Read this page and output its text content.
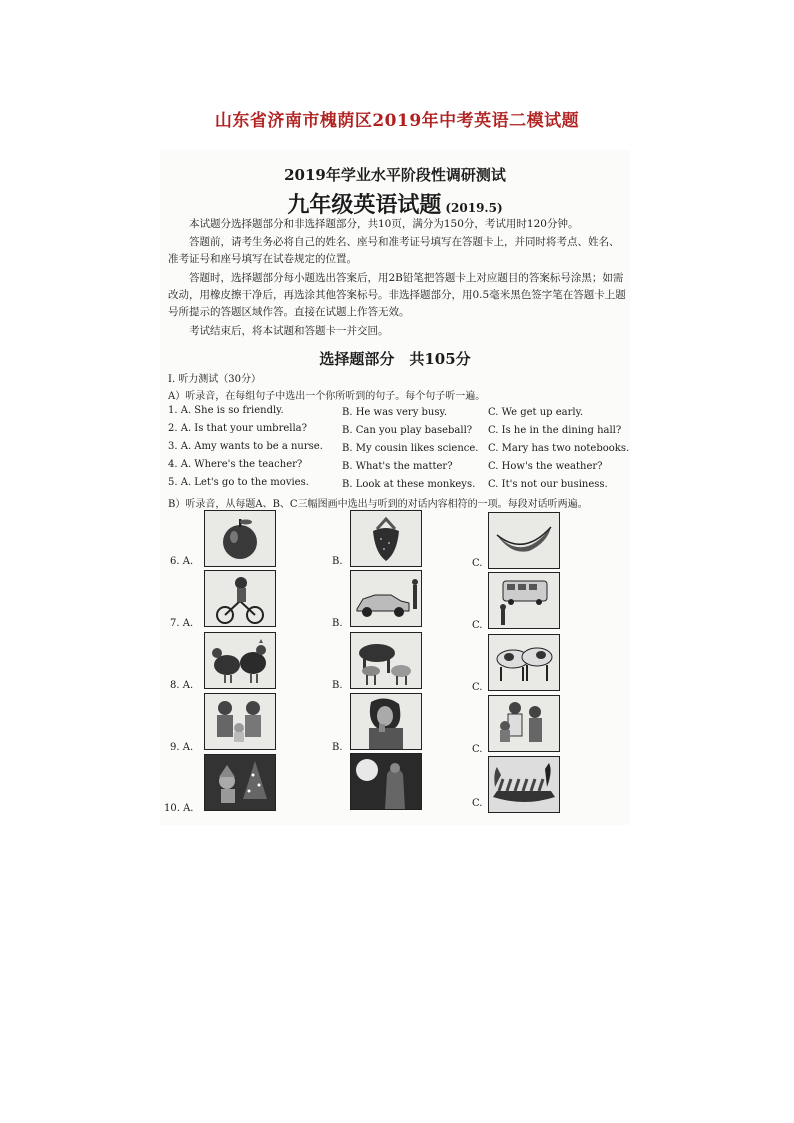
山东省济南市槐荫区2019年中考英语二模试题
2019年学业水平阶段性调研测试
九年级英语试题 (2019.5)

本试题分选择题部分和非选择题部分，共10页，满分为150分，考试用时120分钟。

答题前，请考生务必将自己的姓名、座号和准考证号填写在答题卡上，并同时将考点、姓名、准考证号和座号填写在试卷规定的位置。

答题时，选择题部分每小题选出答案后，用2B铅笔把答题卡上对应题目的答案标号涂黑；如需改动，用橡皮擦干净后，再选涂其他答案标号。非选择题部分，用0.5毫米黑色签字笔在答题卡上题号所提示的答题区域作答。直接在试题上作答无效。

考试结束后，将本试题和答题卡一并交回。

选择题部分　共105分
I. 听力测试（30分）
A）听录音，在每组句子中选出一个你所听到的句子。每个句子听一遍。
1. A. She is so friendly.	B. He was very busy.	C. We get up early.
2. A. Is that your umbrella?	B. Can you play baseball? C. Is he in the dining hall?
3. A. Amy wants to be a nurse. B. My cousin likes science. C. Mary has two notebooks.
4. A. Where's the teacher?	B. What's the matter?	C. How's the weather?
5. A. Let's go to the movies.	B. Look at these monkeys. C. It's not our business.
B）听录音，从每题A、B、C三幅图画中选出与听到的对话内容相符的一项。每段对话听两遍。
6. A.	B.	C.
7. A.	B.	C.
8. A.	B.	C.
9. A.	B.	C.
10. A.	C.
